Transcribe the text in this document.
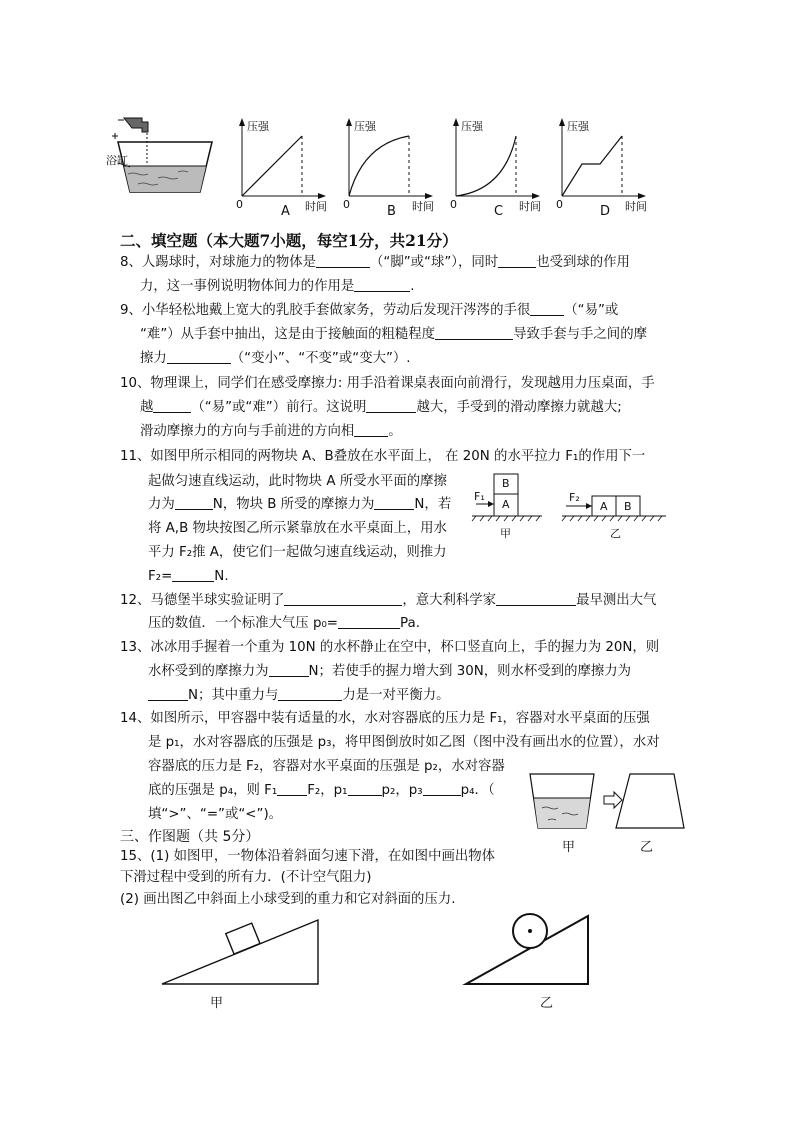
浴缸
压强	压强	压强	压强
0	0	0	0
时间	时间	时间	时间
A	B	C	D
二、填空题（本大题7小题，每空1分，共21分）
8、人踢球时，对球施力的物体是	（“脚”或“球”），同时	也受到球的作用
力，这一事例说明物体间力的作用是	.
9、小华轻松地戴上宽大的乳胶手套做家务，劳动后发现汗涔涔的手很	（“易”或
“难”）从手套中抽出，这是由于接触面的粗糙程度	导致手套与手之间的摩
擦力	（“变小”、“不变”或“变大”）.
10、物理课上，同学们在感受摩擦力: 用手沿着课桌表面向前滑行，发现越用力压桌面，手
越	（“易”或“难”）前行。这说明	越大，手受到的滑动摩擦力就越大;
滑动摩擦力的方向与手前进的方向相	。
11、如图甲所示相同的两物块 A、B叠放在水平面上， 在 20N 的水平拉力 F₁的作用下一
起做匀速直线运动，此时物块 A 所受水平面的摩擦
力为	N，物块 B 所受的摩擦力为	N，若
将 A,B 物块按图乙所示紧靠放在水平桌面上，用水
平力 F₂推 A，使它们一起做匀速直线运动，则推力
F₂=	N.
B
A
F₁	F₂
A B
甲	乙
12、马德堡半球实验证明了	，意大利科学家	最早测出大气
压的数值．一个标准大气压 p₀=	Pa.
13、冰冰用手握着一个重为 10N 的水杯静止在空中，杯口竖直向上，手的握力为 20N，则
水杯受到的摩擦力为	N；若使手的握力增大到 30N，则水杯受到的摩擦力为
N；其中重力与	力是一对平衡力。
14、如图所示，甲容器中装有适量的水，水对容器底的压力是 F₁，容器对水平桌面的压强
是 p₁，水对容器底的压强是 p₃，将甲图倒放时如乙图（图中没有画出水的位置），水对
容器底的压力是 F₂，容器对水平桌面的压强是 p₂，水对容器
底的压强是 p₄，则 F₁ F₂，p₁	p₂，p₃	p₄．（
填“>”、“=”或“<”)。
甲	乙
三、作图题（共 5分）
15、(1) 如图甲，一物体沿着斜面匀速下滑，在如图中画出物体
下滑过程中受到的所有力．(不计空气阻力)
(2) 画出图乙中斜面上小球受到的重力和它对斜面的压力.
甲	乙
